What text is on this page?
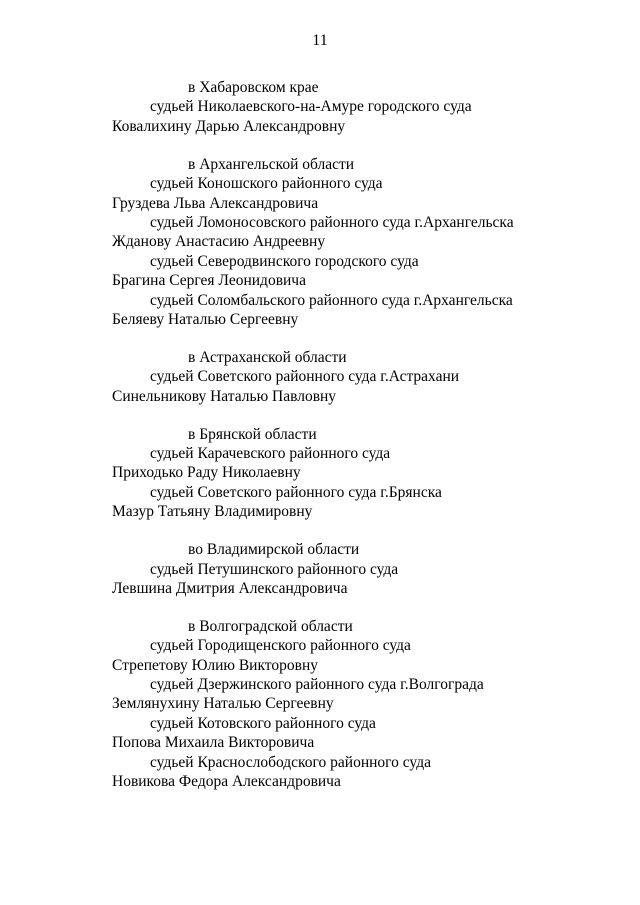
11
в Хабаровском крае
судьей Николаевского-на-Амуре городского суда
Ковалихину Дарью Александровну
в Архангельской области
судьей Коношского районного суда
Груздева Льва Александровича
судьей Ломоносовского районного суда г.Архангельска
Жданову Анастасию Андреевну
судьей Северодвинского городского суда
Брагина Сергея Леонидовича
судьей Соломбальского районного суда г.Архангельска
Беляеву Наталью Сергеевну
в Астраханской области
судьей Советского районного суда г.Астрахани
Синельникову Наталью Павловну
в Брянской области
судьей Карачевского районного суда
Приходько Раду Николаевну
судьей Советского районного суда г.Брянска
Мазур Татьяну Владимировну
во Владимирской области
судьей Петушинского районного суда
Левшина Дмитрия Александровича
в Волгоградской области
судьей Городищенского районного суда
Стрепетову Юлию Викторовну
судьей Дзержинского районного суда г.Волгограда
Землянухину Наталью Сергеевну
судьей Котовского районного суда
Попова Михаила Викторовича
судьей Краснослободского районного суда
Новикова Федора Александровича
